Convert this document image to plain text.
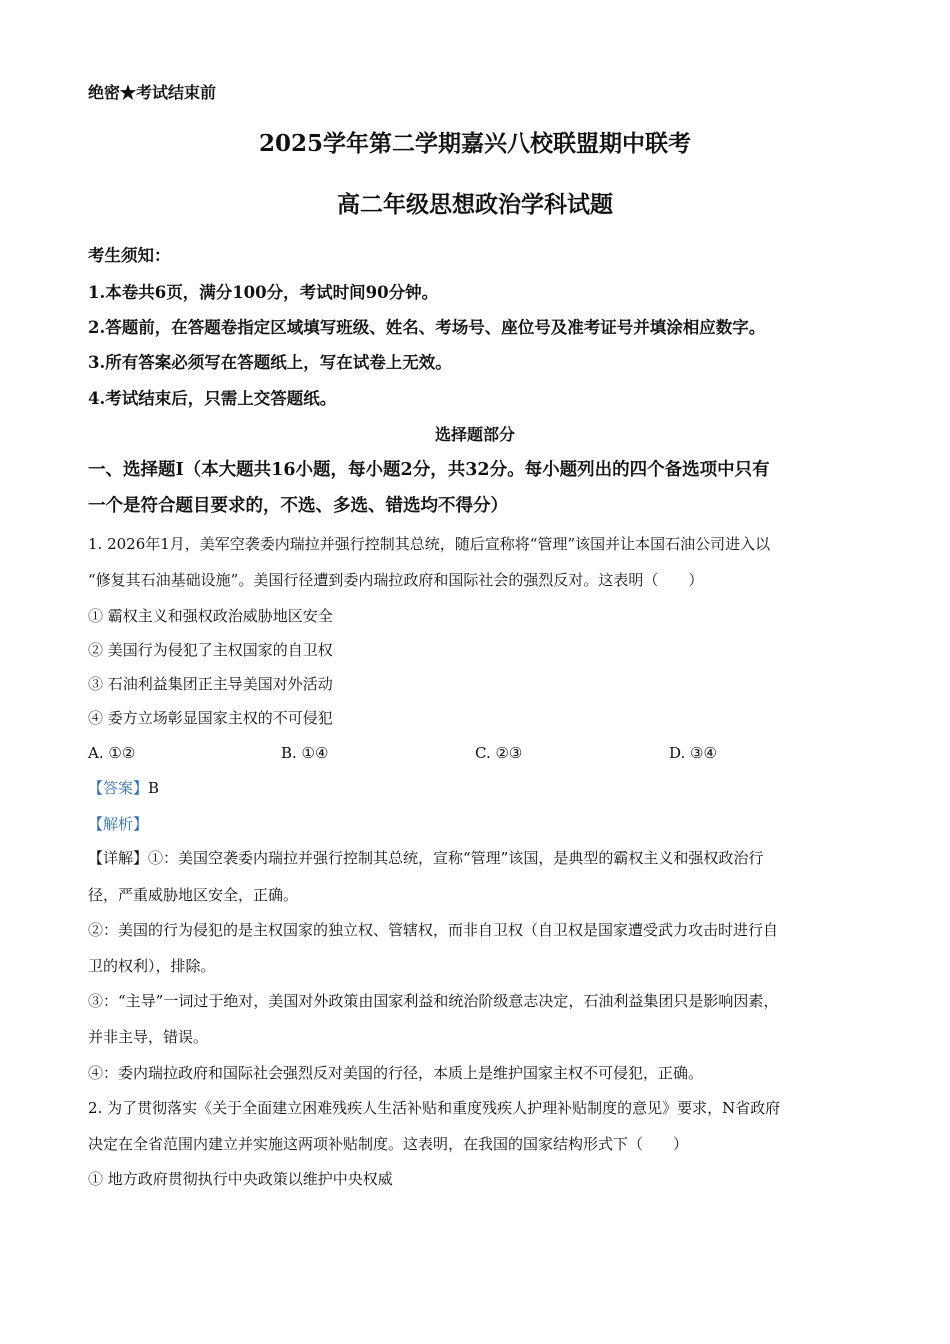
绝密★考试结束前
2025学年第二学期嘉兴八校联盟期中联考
高二年级思想政治学科试题
考生须知：
1.本卷共6页，满分100分，考试时间90分钟。
2.答题前，在答题卷指定区域填写班级、姓名、考场号、座位号及准考证号并填涂相应数字。
3.所有答案必须写在答题纸上，写在试卷上无效。
4.考试结束后，只需上交答题纸。
选择题部分
一、选择题Ⅰ（本大题共16小题，每小题2分，共32分。每小题列出的四个备选项中只有
一个是符合题目要求的，不选、多选、错选均不得分）
1. 2026年1月，美军空袭委内瑞拉并强行控制其总统，随后宣称将“管理”该国并让本国石油公司进入以
“修复其石油基础设施”。美国行径遭到委内瑞拉政府和国际社会的强烈反对。这表明（　　）
① 霸权主义和强权政治威胁地区安全
② 美国行为侵犯了主权国家的自卫权
③ 石油利益集团正主导美国对外活动
④ 委方立场彰显国家主权的不可侵犯
A. ①②	B. ①④	C. ②③	D. ③④
【答案】B
【解析】
【详解】①：美国空袭委内瑞拉并强行控制其总统，宣称“管理”该国，是典型的霸权主义和强权政治行
径，严重威胁地区安全，正确。
②：美国的行为侵犯的是主权国家的独立权、管辖权，而非自卫权（自卫权是国家遭受武力攻击时进行自
卫的权利），排除。
③：“主导”一词过于绝对，美国对外政策由国家利益和统治阶级意志决定，石油利益集团只是影响因素，
并非主导，错误。
④：委内瑞拉政府和国际社会强烈反对美国的行径，本质上是维护国家主权不可侵犯，正确。
2. 为了贯彻落实《关于全面建立困难残疾人生活补贴和重度残疾人护理补贴制度的意见》要求，N省政府
决定在全省范围内建立并实施这两项补贴制度。这表明，在我国的国家结构形式下（　　）
① 地方政府贯彻执行中央政策以维护中央权威
